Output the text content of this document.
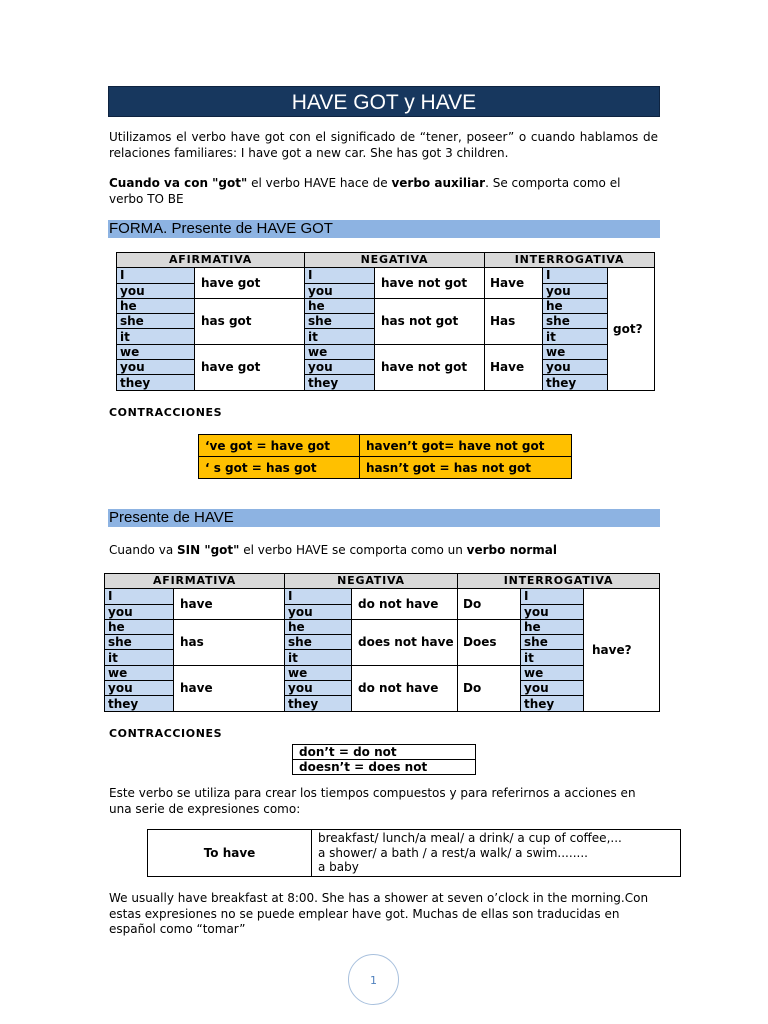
HAVE GOT y HAVE
Utilizamos el verbo have got con el significado de “tener, poseer” o cuando hablamos de relaciones familiares: I have got a new car. She has got 3 children.
Cuando va con "got" el verbo HAVE hace de verbo auxiliar. Se comporta como el verbo TO BE
FORMA. Presente de HAVE GOT
AFIRMATIVA		NEGATIVA		INTERROGATIVA		
I	have got	I	have not got	Have	I	got?
you		you			you	
he	has got	he	has not got	Has	he	
she		she			she	
it		it			it	
we	have got	we	have not got	Have	we	
you		you			you	
they		they			they	
CONTRACCIONES
‘ve got = have got	haven’t got= have not got
‘ s got = has got	hasn’t got = has not got
Presente de HAVE
Cuando va SIN "got" el verbo HAVE se comporta como un verbo normal
AFIRMATIVA		NEGATIVA		INTERROGATIVA		
I	have	I	do not have	Do	I	have?
you		you			you	
he	has	he	does not have	Does	he	
she		she			she	
it		it			it	
we	have	we	do not have	Do	we	
you		you			you	
they		they			they	
CONTRACCIONES
don’t = do not
doesn’t = does not
Este verbo se utiliza para crear los tiempos compuestos y para referirnos a acciones en una serie de expresiones como:
To have	
breakfast/ lunch/a meal/ a drink/ a cup of coffee,...
a shower/ a bath / a rest/a walk/ a swim........
a baby
We usually have breakfast at 8:00. She has a shower at seven o’clock in the morning.Con estas expresiones no se puede emplear have got. Muchas de ellas son traducidas en español como “tomar”
1
